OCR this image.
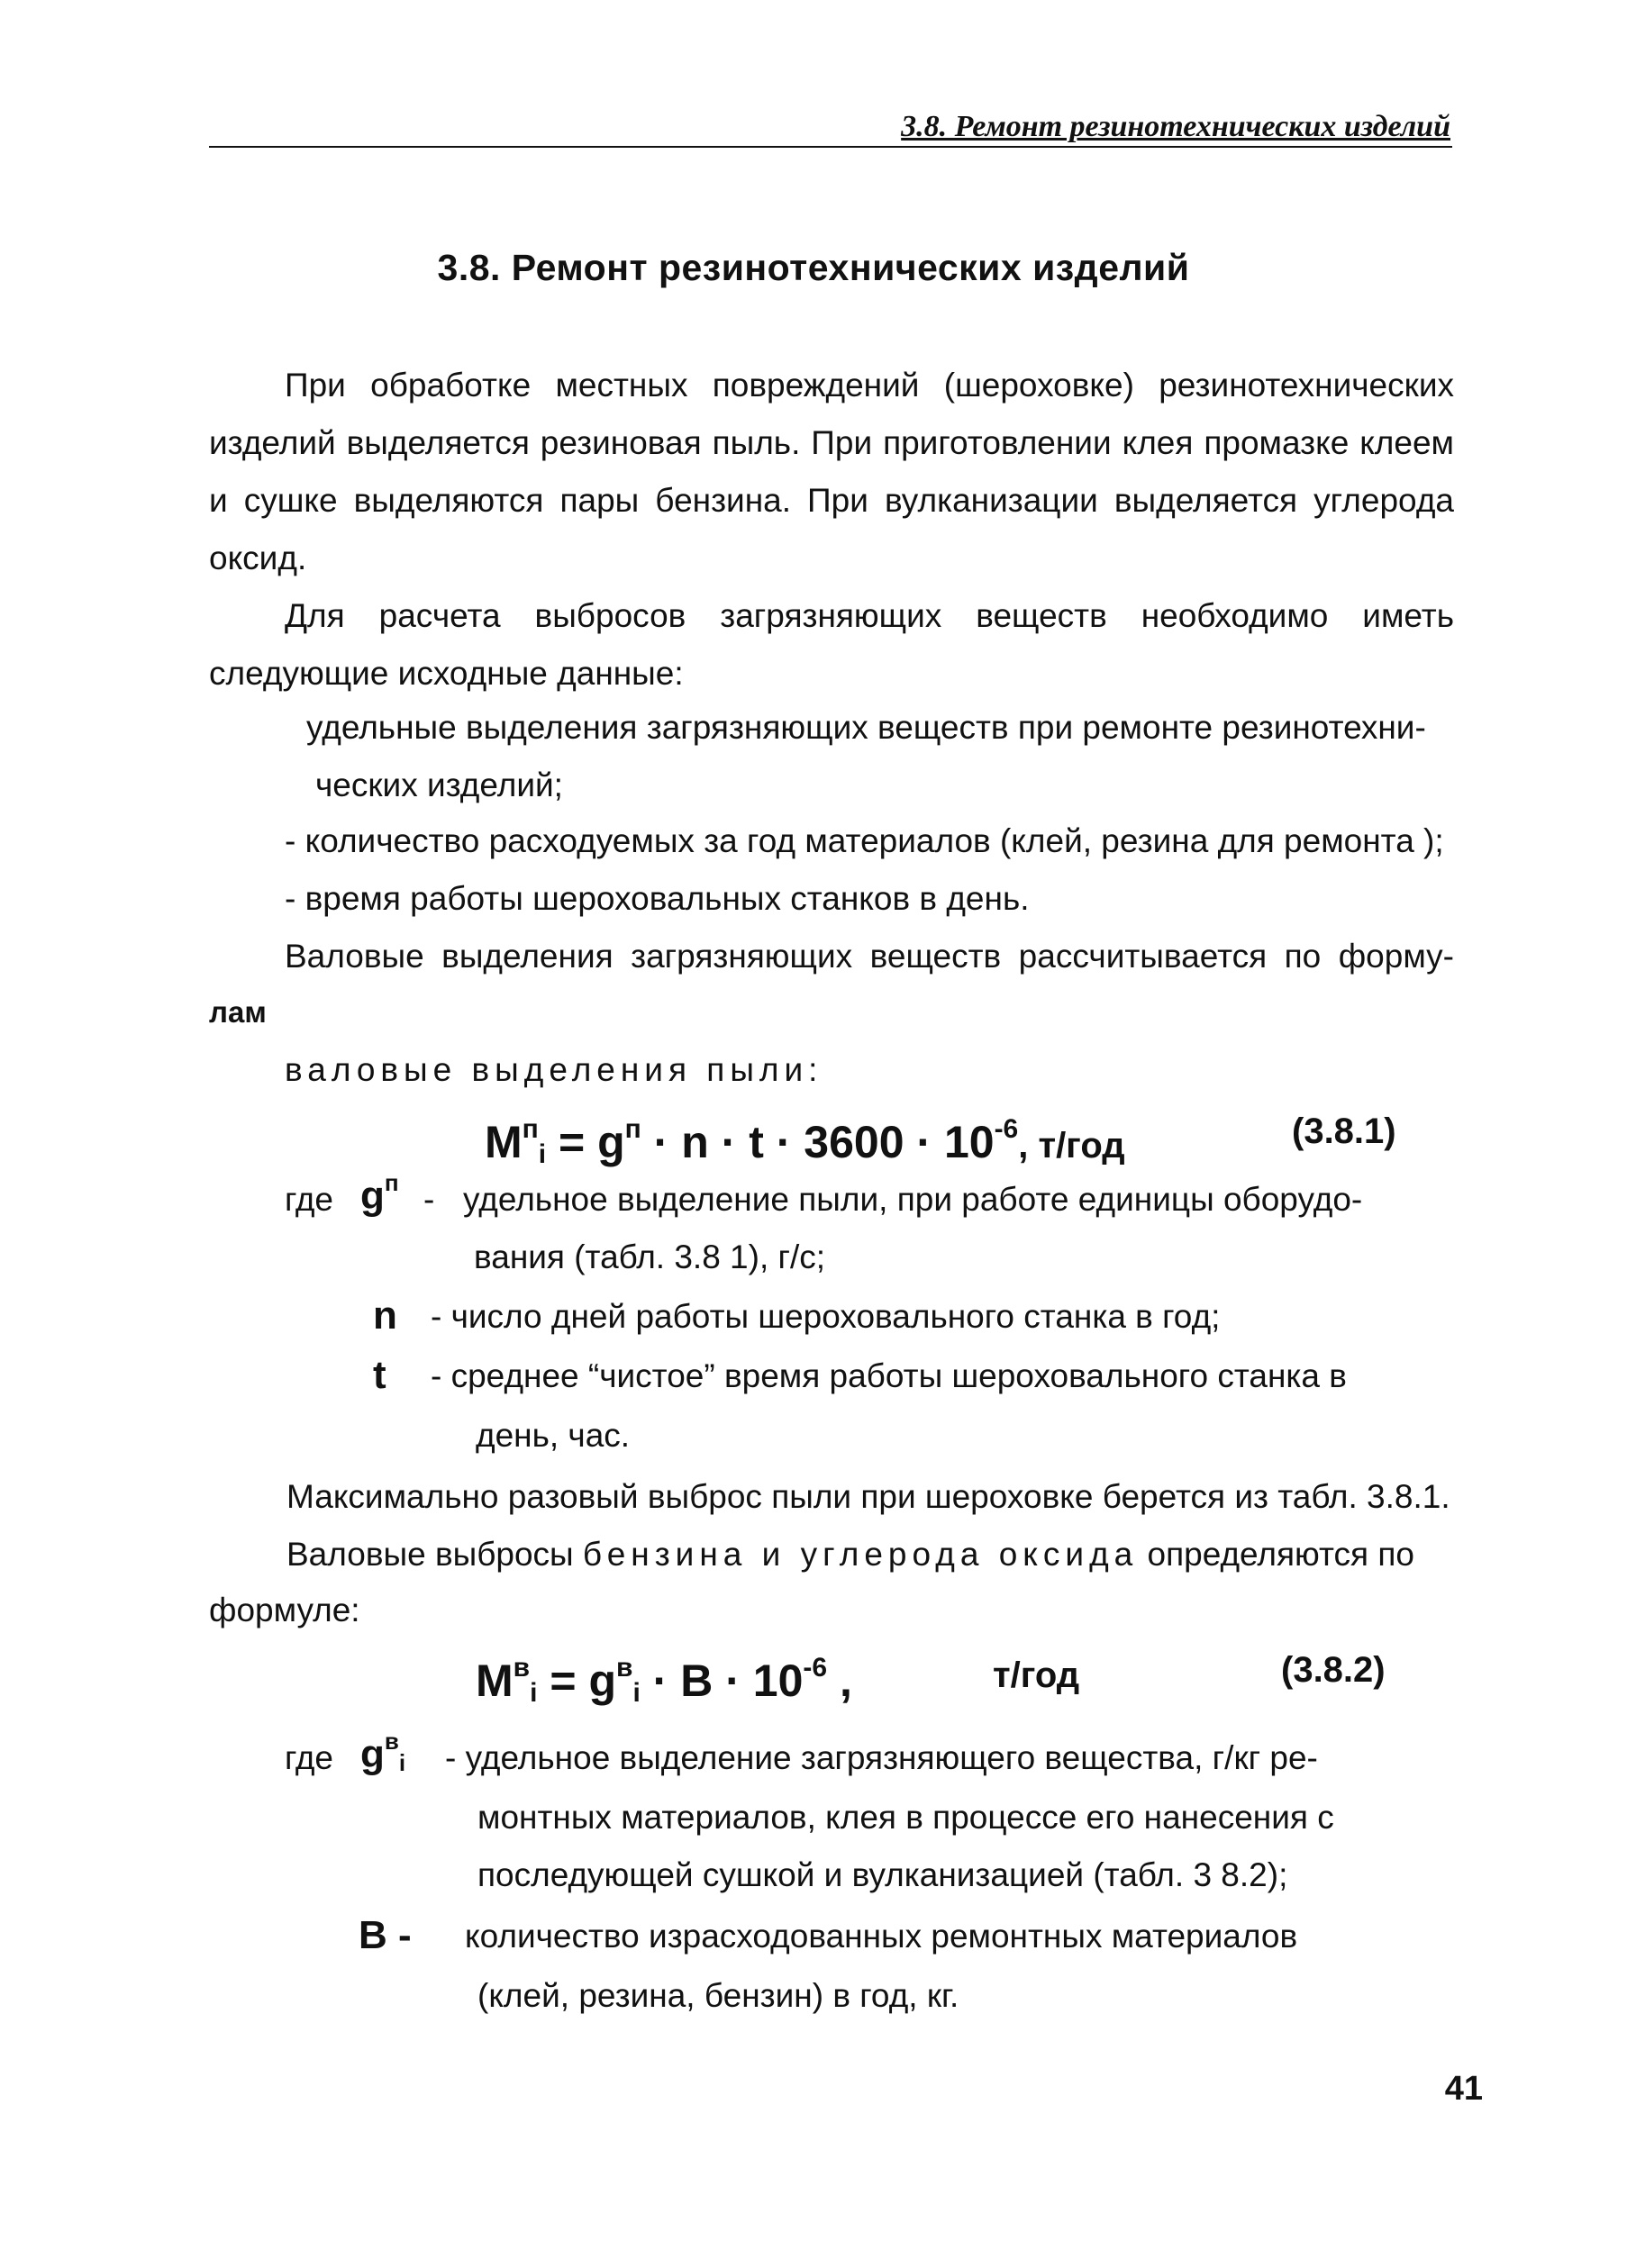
3.8. Ремонт резинотехнических изделий
3.8. Ремонт резинотехнических изделий
При обработке местных повреждений (шероховке) резинотехнических изделий выделяется резиновая пыль. При приготовлении клея промазке клеем и сушке выделяются пары бензина. При вулканизации выделяется углерода оксид.
Для расчета выбросов загрязняющих веществ необходимо иметь следующие исходные данные:
удельные выделения загрязняющих веществ при ремонте резинотехни-
ческих изделий;
- количество расходуемых за год материалов (клей, резина для ремонта );
- время работы шероховальных станков в день.
Валовые выделения загрязняющих веществ рассчитывается по форму-
лам
валовые выделения пыли:
$M^п_i = g^п \cdot n \cdot t \cdot 3600 \cdot 10^{-6}$, т/год	(3.8.1)
где $g^п$ - удельное выделение пыли, при работе единицы оборудо-
вания (табл. 3.8 1), г/с;
n - число дней работы шероховального станка в год;
t - среднее “чистое” время работы шероховального станка в
день, час.
Максимально разовый выброс пыли при шероховке берется из табл. 3.8.1.
Валовые выбросы бензина и углерода оксида определяются по
формуле:
$M^в_i = g^в_i \cdot B \cdot 10^{-6}$ ,	т/год	(3.8.2)
где $g^в_i$ - удельное выделение загрязняющего вещества, г/кг ре-
монтных материалов, клея в процессе его нанесения с
последующей сушкой и вулканизацией (табл. 3 8.2);
B - количество израсходованных ремонтных материалов
(клей, резина, бензин) в год, кг.
41
